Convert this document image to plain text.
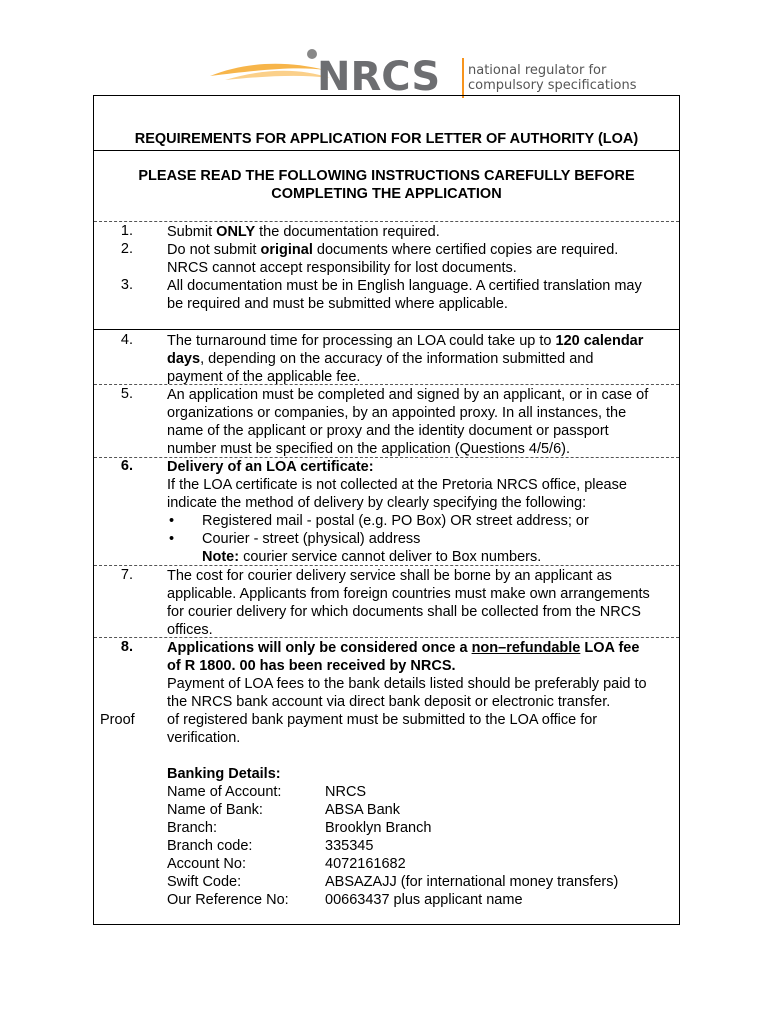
NRCS national regulator for
compulsory specifications
REQUIREMENTS FOR APPLICATION FOR LETTER OF AUTHORITY (LOA)
PLEASE READ THE FOLLOWING INSTRUCTIONS CAREFULLY BEFORE
COMPLETING THE APPLICATION
1. Submit ONLY the documentation required.
2. Do not submit original documents where certified copies are required.
NRCS cannot accept responsibility for lost documents.
3. All documentation must be in English language. A certified translation may
be required and must be submitted where applicable.
4. The turnaround time for processing an LOA could take up to 120 calendar
days, depending on the accuracy of the information submitted and
payment of the applicable fee.
5. An application must be completed and signed by an applicant, or in case of
organizations or companies, by an appointed proxy. In all instances, the
name of the applicant or proxy and the identity document or passport
number must be specified on the application (Questions 4/5/6).
6. Delivery of an LOA certificate:
If the LOA certificate is not collected at the Pretoria NRCS office, please
indicate the method of delivery by clearly specifying the following:
• Registered mail - postal (e.g. PO Box) OR street address; or
• Courier - street (physical) address
Note: courier service cannot deliver to Box numbers.
7. The cost for courier delivery service shall be borne by an applicant as
applicable. Applicants from foreign countries must make own arrangements
for courier delivery for which documents shall be collected from the NRCS
offices.
8. Applications will only be considered once a non–refundable LOA fee
of R 1800. 00 has been received by NRCS.
Payment of LOA fees to the bank details listed should be preferably paid to
the NRCS bank account via direct bank deposit or electronic transfer.
Proof of registered bank payment must be submitted to the LOA office for
verification.
Banking Details:
Name of Account:	NRCS
Name of Bank:	ABSA Bank
Branch:	Brooklyn Branch
Branch code:	335345
Account No:	4072161682
Swift Code:	ABSAZAJJ (for international money transfers)
Our Reference No:	00663437 plus applicant name
